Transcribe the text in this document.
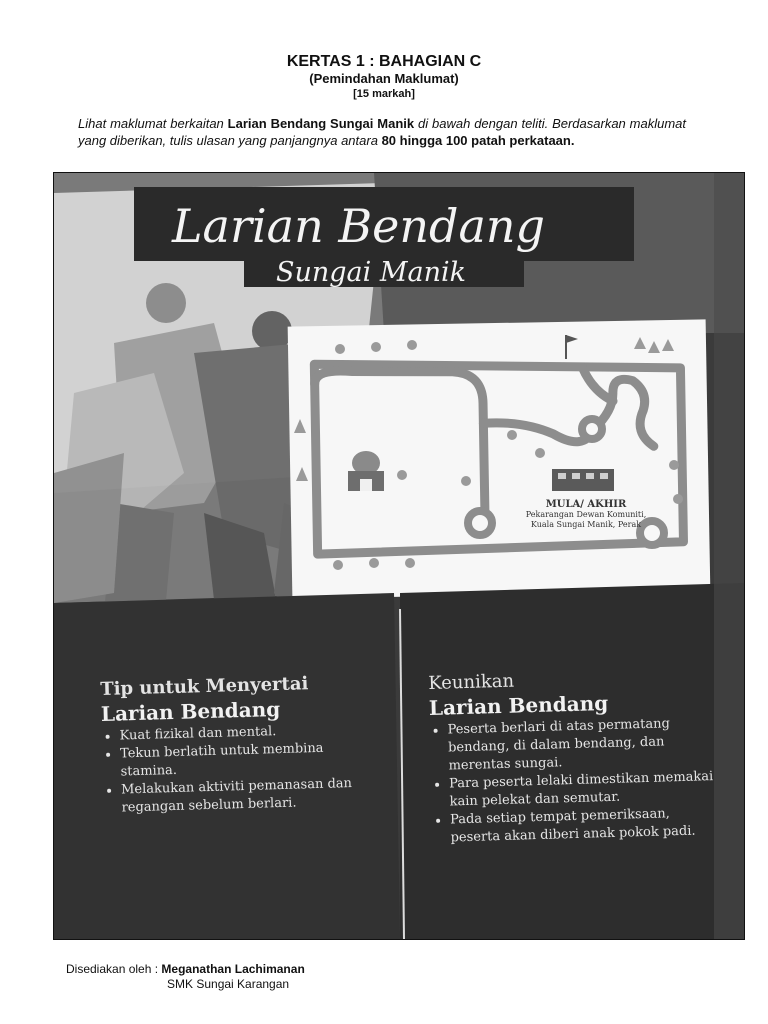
KERTAS 1 : BAHAGIAN C
(Pemindahan Maklumat)
[15 markah]
Lihat maklumat berkaitan Larian Bendang Sungai Manik di bawah dengan teliti. Berdasarkan maklumat yang diberikan, tulis ulasan yang panjangnya antara 80 hingga 100 patah perkataan.
Larian Bendang
Sungai Manik
MULA/ AKHIR
Pekarangan Dewan Komuniti,
Kuala Sungai Manik, Perak
Tip untuk Menyertai
Larian Bendang
• Kuat fizikal dan mental.
• Tekun berlatih untuk membina stamina.
• Melakukan aktiviti pemanasan dan regangan sebelum berlari.
Keunikan
Larian Bendang
• Peserta berlari di atas permatang bendang, di dalam bendang, dan merentas sungai.
• Para peserta lelaki dimestikan memakai kain pelekat dan semutar.
• Pada setiap tempat pemeriksaan, peserta akan diberi anak pokok padi.
Disediakan oleh : Meganathan Lachimanan
SMK Sungai Karangan
